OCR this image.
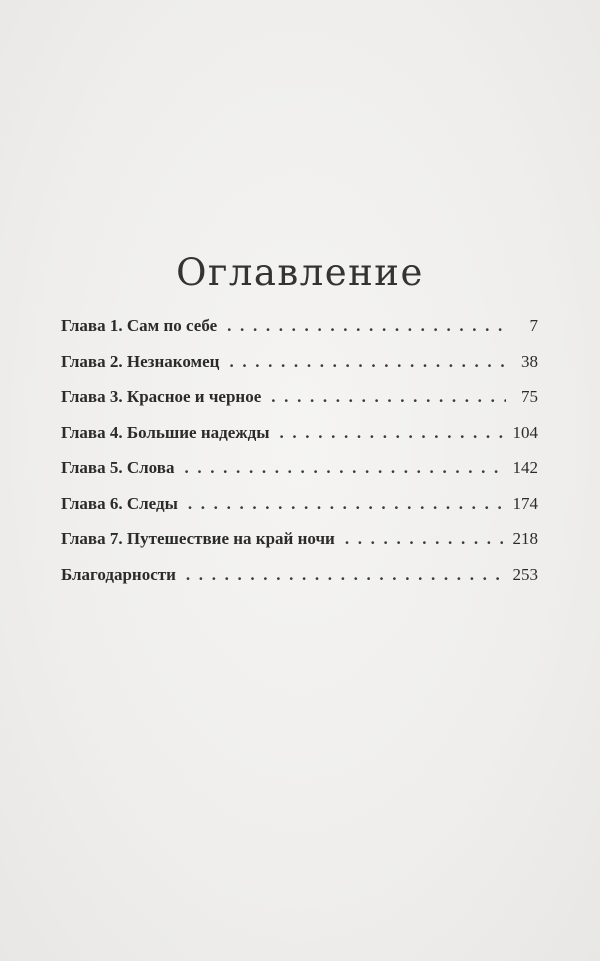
Оглавление
Глава 1. Сам по себе . . .	7
Глава 2. Незнакомец . . .	38
Глава 3. Красное и черное . . .	75
Глава 4. Большие надежды . . .	104
Глава 5. Слова . . .	142
Глава 6. Следы . . .	174
Глава 7. Путешествие на край ночи . . .	218
Благодарности . . .	253
